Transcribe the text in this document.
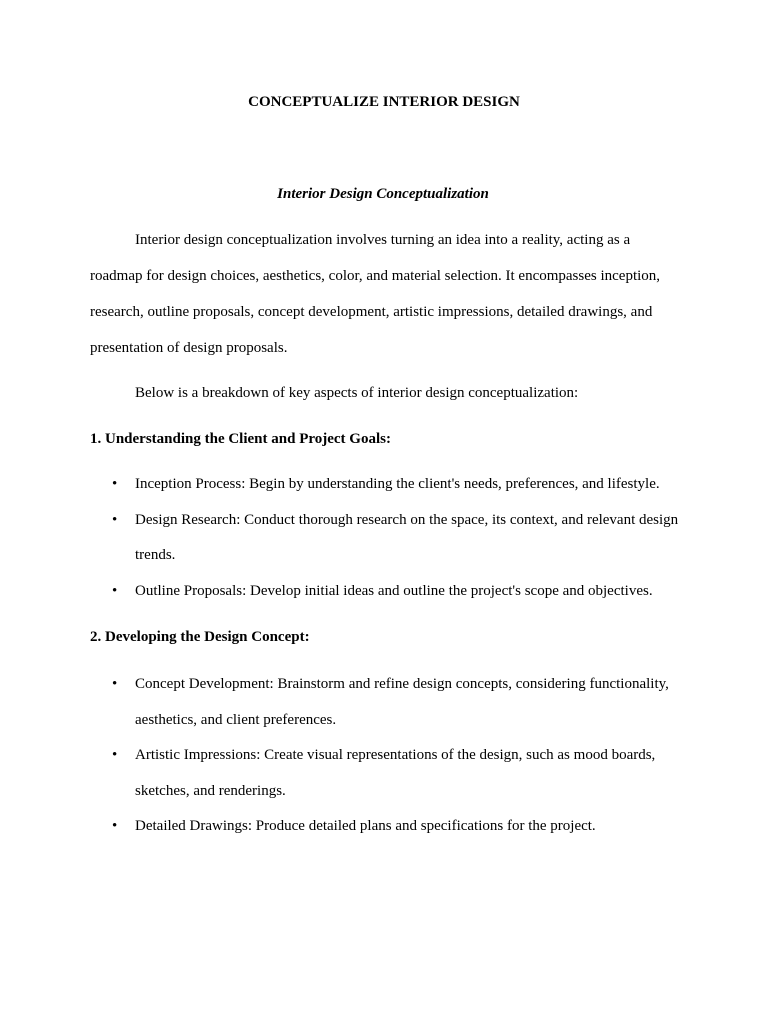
CONCEPTUALIZE INTERIOR DESIGN
Interior Design Conceptualization

Interior design conceptualization involves turning an idea into a reality, acting as a roadmap for design choices, aesthetics, color, and material selection. It encompasses inception, research, outline proposals, concept development, artistic impressions, detailed drawings, and presentation of design proposals.

Below is a breakdown of key aspects of interior design conceptualization:

1. Understanding the Client and Project Goals:
• Inception Process: Begin by understanding the client's needs, preferences, and lifestyle.
• Design Research: Conduct thorough research on the space, its context, and relevant design trends.
• Outline Proposals: Develop initial ideas and outline the project's scope and objectives.
2. Developing the Design Concept:
• Concept Development: Brainstorm and refine design concepts, considering functionality, aesthetics, and client preferences.
• Artistic Impressions: Create visual representations of the design, such as mood boards, sketches, and renderings.
• Detailed Drawings: Produce detailed plans and specifications for the project.
